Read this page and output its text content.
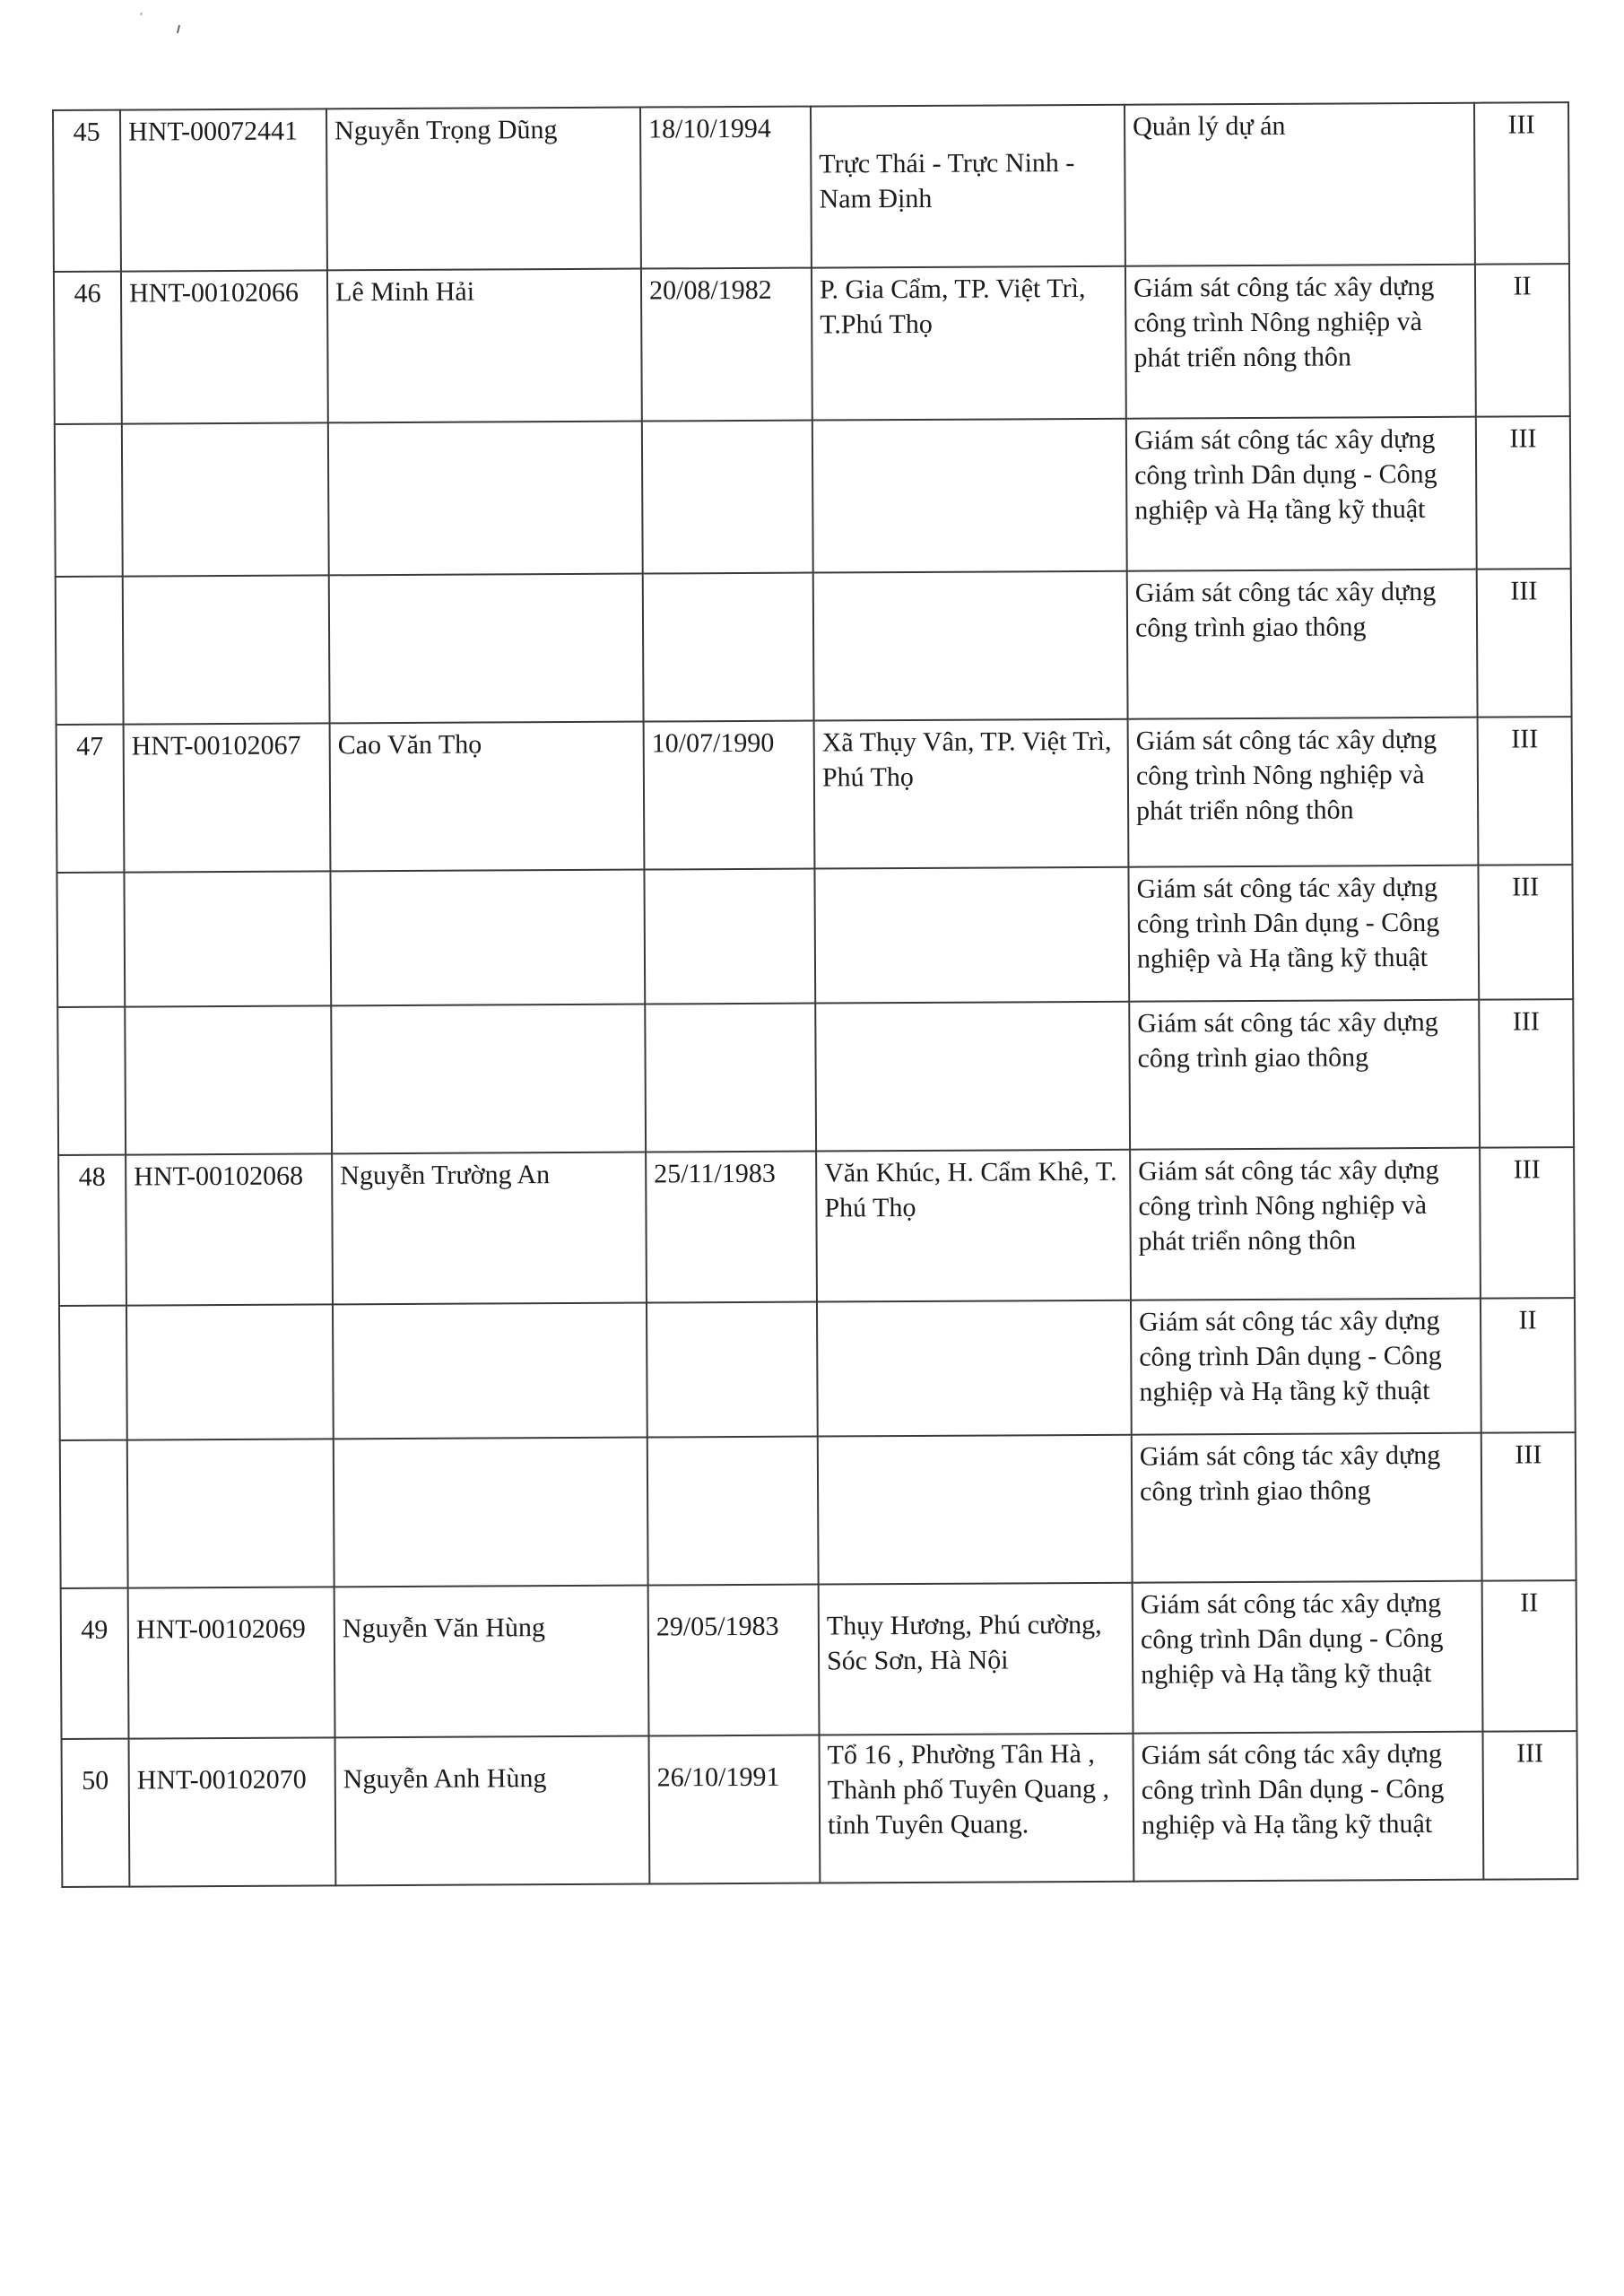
45	HNT-00072441	Nguyễn Trọng Dũng	18/10/1994	Trực Thái - Trực Ninh - Nam Định	Quản lý dự án	III
46	HNT-00102066	Lê Minh Hải	20/08/1982	P. Gia Cẩm, TP. Việt Trì, T.Phú Thọ	Giám sát công tác xây dựng công trình Nông nghiệp và phát triển nông thôn	II
					Giám sát công tác xây dựng công trình Dân dụng - Công nghiệp và Hạ tầng kỹ thuật	III
					Giám sát công tác xây dựng công trình giao thông	III
47	HNT-00102067	Cao Văn Thọ	10/07/1990	Xã Thụy Vân, TP. Việt Trì, Phú Thọ	Giám sát công tác xây dựng công trình Nông nghiệp và phát triển nông thôn	III
					Giám sát công tác xây dựng công trình Dân dụng - Công nghiệp và Hạ tầng kỹ thuật	III
					Giám sát công tác xây dựng công trình giao thông	III
48	HNT-00102068	Nguyễn Trường An	25/11/1983	Văn Khúc, H. Cẩm Khê, T. Phú Thọ	Giám sát công tác xây dựng công trình Nông nghiệp và phát triển nông thôn	III
					Giám sát công tác xây dựng công trình Dân dụng - Công nghiệp và Hạ tầng kỹ thuật	II
					Giám sát công tác xây dựng công trình giao thông	III
49	HNT-00102069	Nguyễn Văn Hùng	29/05/1983	Thụy Hương, Phú cường, Sóc Sơn, Hà Nội	Giám sát công tác xây dựng công trình Dân dụng - Công nghiệp và Hạ tầng kỹ thuật	II
50	HNT-00102070	Nguyễn Anh Hùng	26/10/1991	Tổ 16 , Phường Tân Hà , Thành phố Tuyên Quang , tỉnh Tuyên Quang.	Giám sát công tác xây dựng công trình Dân dụng - Công nghiệp và Hạ tầng kỹ thuật	III
